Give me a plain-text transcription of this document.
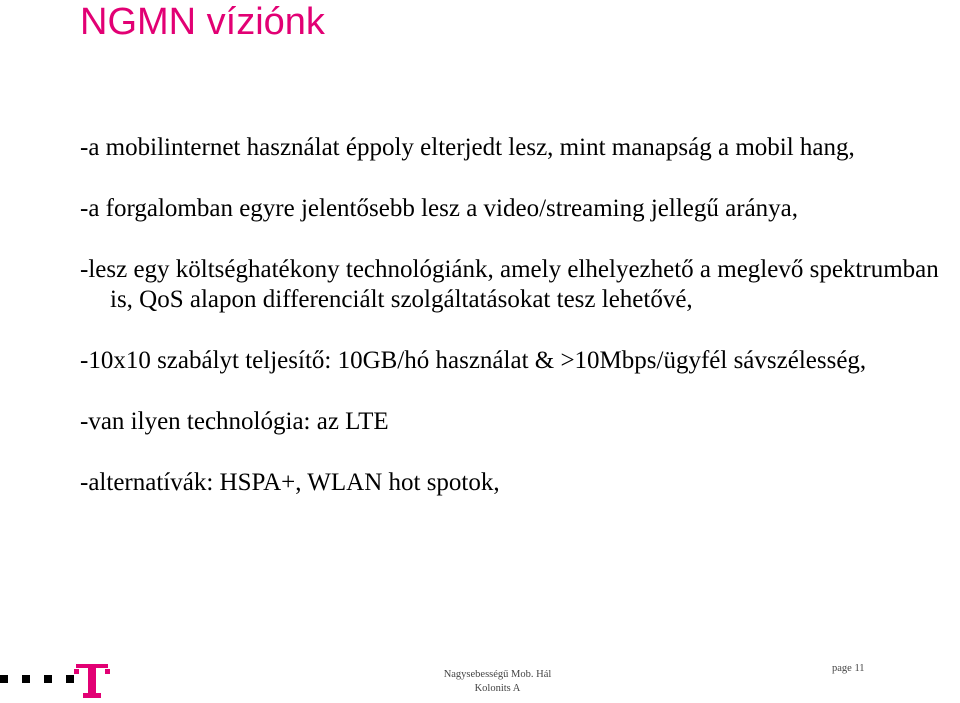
NGMN víziónk

-a mobilinternet használat éppoly elterjedt lesz, mint manapság a mobil hang,

-a forgalomban egyre jelentősebb lesz a video/streaming jellegű aránya,

-lesz egy költséghatékony technológiánk, amely elhelyezhető a meglevő spektrumban is, QoS alapon differenciált szolgáltatásokat tesz lehetővé,

-10x10 szabályt teljesítő: 10GB/hó használat & >10Mbps/ügyfél sávszélesség,

-van ilyen technológia: az LTE

-alternatívák: HSPA+, WLAN hot spotok,

Nagysebességű Mob. Hál
Kolonits A
page 11
